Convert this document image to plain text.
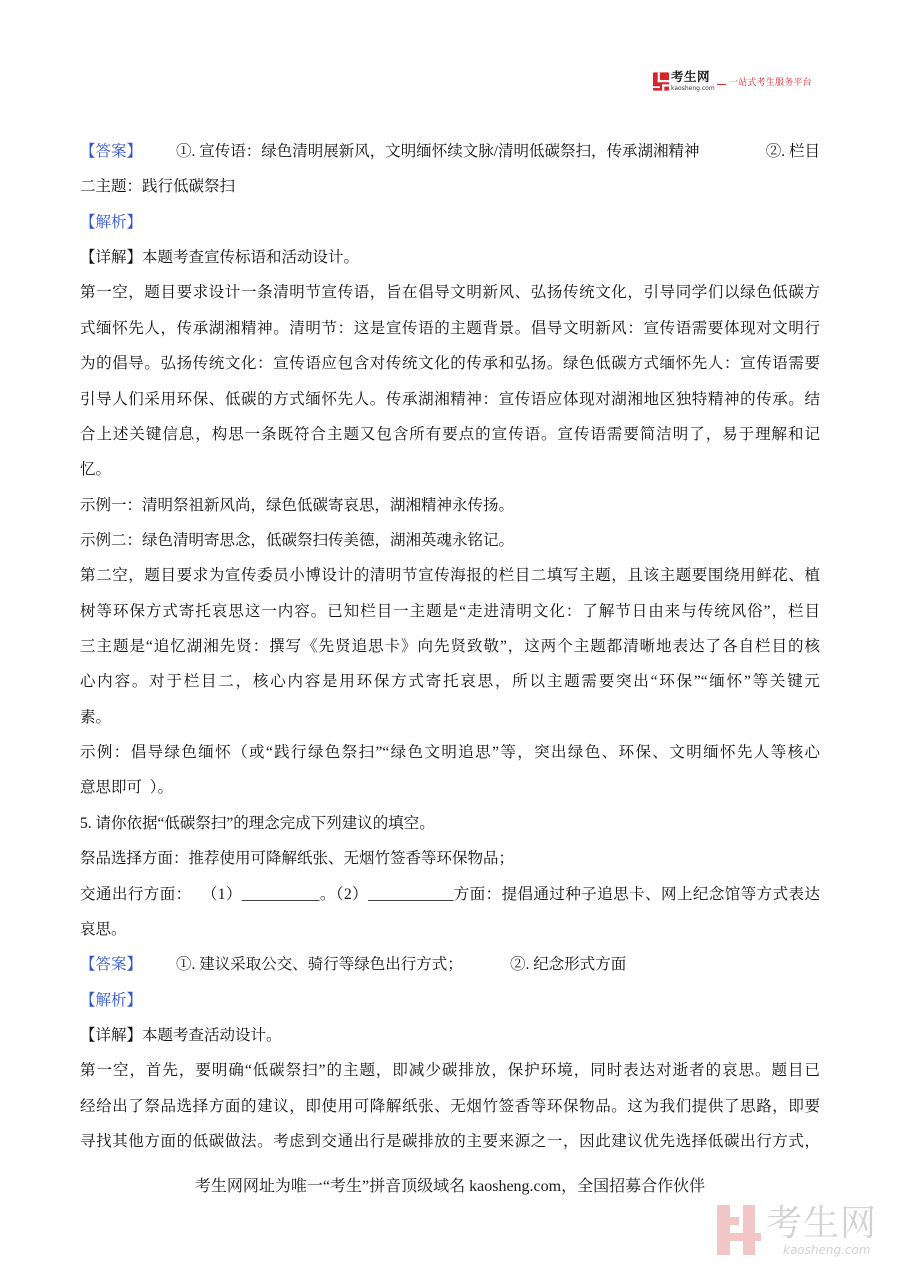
考生网
kaosheng.com
一站式考生服务平台
【答案】 ①. 宣传语：绿色清明展新风，文明缅怀续文脉/清明低碳祭扫，传承湖湘精神	②. 栏目
二主题：践行低碳祭扫
【解析】
【详解】本题考查宣传标语和活动设计。
第一空，题目要求设计一条清明节宣传语，旨在倡导文明新风、弘扬传统文化，引导同学们以绿色低碳方
式缅怀先人，传承湖湘精神。清明节：这是宣传语的主题背景。倡导文明新风：宣传语需要体现对文明行
为的倡导。弘扬传统文化：宣传语应包含对传统文化的传承和弘扬。绿色低碳方式缅怀先人：宣传语需要
引导人们采用环保、低碳的方式缅怀先人。传承湖湘精神：宣传语应体现对湖湘地区独特精神的传承。结
合上述关键信息，构思一条既符合主题又包含所有要点的宣传语。宣传语需要简洁明了，易于理解和记
忆。
示例一：清明祭祖新风尚，绿色低碳寄哀思，湖湘精神永传扬。
示例二：绿色清明寄思念，低碳祭扫传美德，湖湘英魂永铭记。
第二空，题目要求为宣传委员小博设计的清明节宣传海报的栏目二填写主题，且该主题要围绕用鲜花、植
树等环保方式寄托哀思这一内容。已知栏目一主题是“走进清明文化：了解节日由来与传统风俗”，栏目
三主题是“追忆湖湘先贤：撰写《先贤追思卡》向先贤致敬”，这两个主题都清晰地表达了各自栏目的核
心内容。对于栏目二，核心内容是用环保方式寄托哀思，所以主题需要突出“环保”“缅怀”等关键元
素。
示例：倡导绿色缅怀（或“践行绿色祭扫”“绿色文明追思”等，突出绿色、环保、文明缅怀先人等核心
意思即可  ）。
5. 请你依据“低碳祭扫”的理念完成下列建议的填空。
祭品选择方面：推荐使用可降解纸张、无烟竹签香等环保物品；
交通出行方面： （1）__________。（2）___________方面：提倡通过种子追思卡、网上纪念馆等方式表达
哀思。
【答案】 ①. 建议采取公交、骑行等绿色出行方式；	②. 纪念形式方面
【解析】
【详解】本题考查活动设计。
第一空，首先，要明确“低碳祭扫”的主题，即减少碳排放，保护环境，同时表达对逝者的哀思。题目已
经给出了祭品选择方面的建议，即使用可降解纸张、无烟竹签香等环保物品。这为我们提供了思路，即要
寻找其他方面的低碳做法。考虑到交通出行是碳排放的主要来源之一，因此建议优先选择低碳出行方式，
考生网网址为唯一“考生”拼音顶级域名 kaosheng.com，全国招募合作伙伴
考生网
kaosheng.com
